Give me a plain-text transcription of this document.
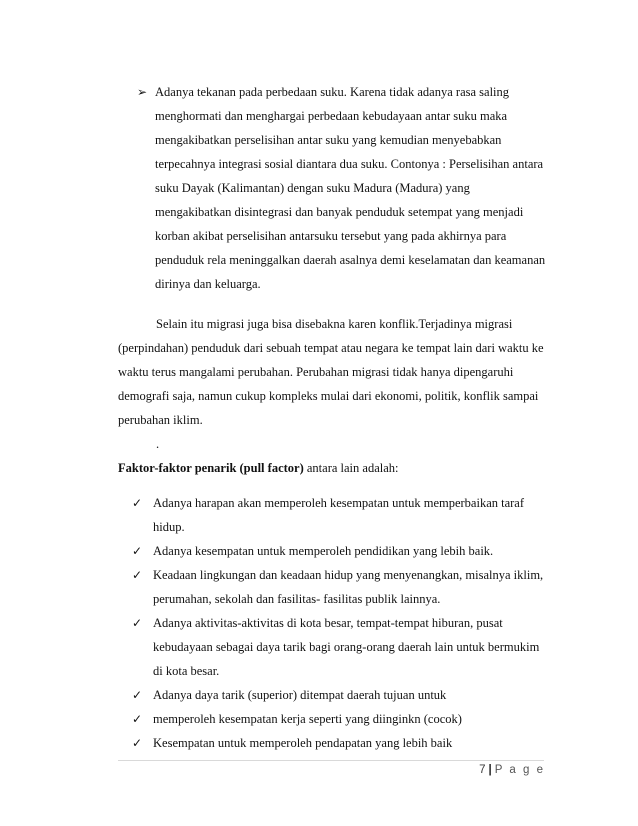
➢ Adanya tekanan pada perbedaan suku. Karena tidak adanya rasa saling
menghormati dan menghargai perbedaan kebudayaan antar suku maka
mengakibatkan perselisihan antar suku yang kemudian menyebabkan
terpecahnya integrasi sosial diantara dua suku. Contonya : Perselisihan antara
suku Dayak (Kalimantan) dengan suku Madura (Madura) yang
mengakibatkan disintegrasi dan banyak penduduk setempat yang menjadi
korban akibat perselisihan antarsuku tersebut yang pada akhirnya para
penduduk rela meninggalkan daerah asalnya demi keselamatan dan keamanan
dirinya dan keluarga.
Selain itu migrasi juga bisa disebakna karen konflik.Terjadinya migrasi
(perpindahan) penduduk dari sebuah tempat atau negara ke tempat lain dari waktu ke
waktu terus mangalami perubahan. Perubahan migrasi tidak hanya dipengaruhi
demografi saja, namun cukup kompleks mulai dari ekonomi, politik, konflik sampai
perubahan iklim.
.
Faktor-faktor penarik (pull factor) antara lain adalah:
✓ Adanya harapan akan memperoleh kesempatan untuk memperbaikan taraf
hidup.
✓ Adanya kesempatan untuk memperoleh pendidikan yang lebih baik.
✓ Keadaan lingkungan dan keadaan hidup yang menyenangkan, misalnya iklim,
perumahan, sekolah dan fasilitas- fasilitas publik lainnya.
✓ Adanya aktivitas-aktivitas di kota besar, tempat-tempat hiburan, pusat
kebudayaan sebagai daya tarik bagi orang-orang daerah lain untuk bermukim
di kota besar.
✓ Adanya daya tarik (superior) ditempat daerah tujuan untuk
✓ memperoleh kesempatan kerja seperti yang diinginkn (cocok)
✓ Kesempatan untuk memperoleh pendapatan yang lebih baik
7 | P a g e
